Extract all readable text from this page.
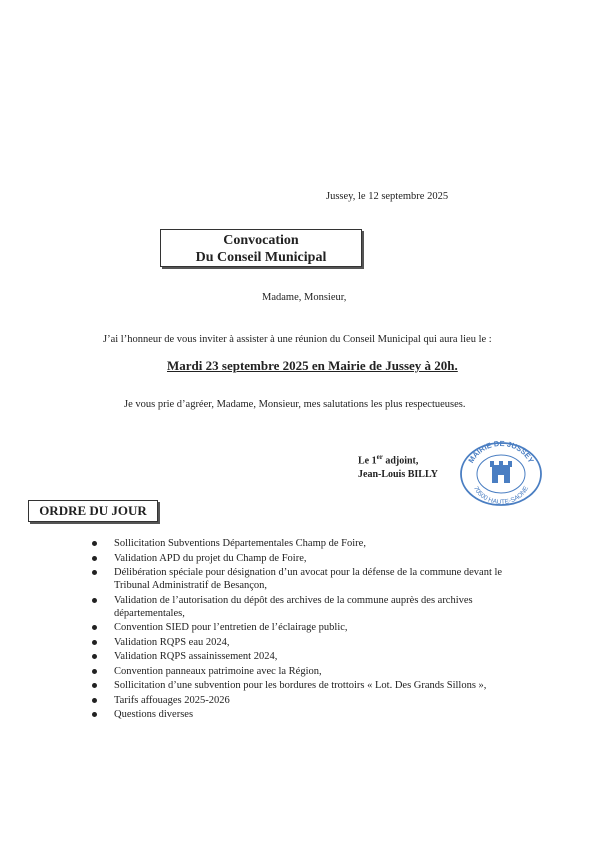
Jussey, le 12 septembre 2025
Convocation
Du Conseil Municipal
Madame, Monsieur,
J’ai l’honneur de vous inviter à assister à une réunion du Conseil Municipal qui aura lieu le :
Mardi 23 septembre 2025 en Mairie de Jussey à 20h.
Je vous prie d’agréer, Madame, Monsieur, mes salutations les plus respectueuses.
Le 1er adjoint,
Jean-Louis BILLY
MAIRIE DE JUSSEY
70500 HAUTE-SAONE
ORDRE DU JOUR
Sollicitation Subventions Départementales Champ de Foire,
Validation APD du projet du Champ de Foire,
Délibération spéciale pour désignation d’un avocat pour la défense de la commune devant le Tribunal Administratif de Besançon,
Validation de l’autorisation du dépôt des archives de la commune auprès des archives départementales,
Convention SIED pour l’entretien de l’éclairage public,
Validation RQPS eau 2024,
Validation RQPS assainissement 2024,
Convention panneaux patrimoine avec la Région,
Sollicitation d’une subvention pour les bordures de trottoirs « Lot. Des Grands Sillons »,
Tarifs affouages 2025-2026
Questions diverses
